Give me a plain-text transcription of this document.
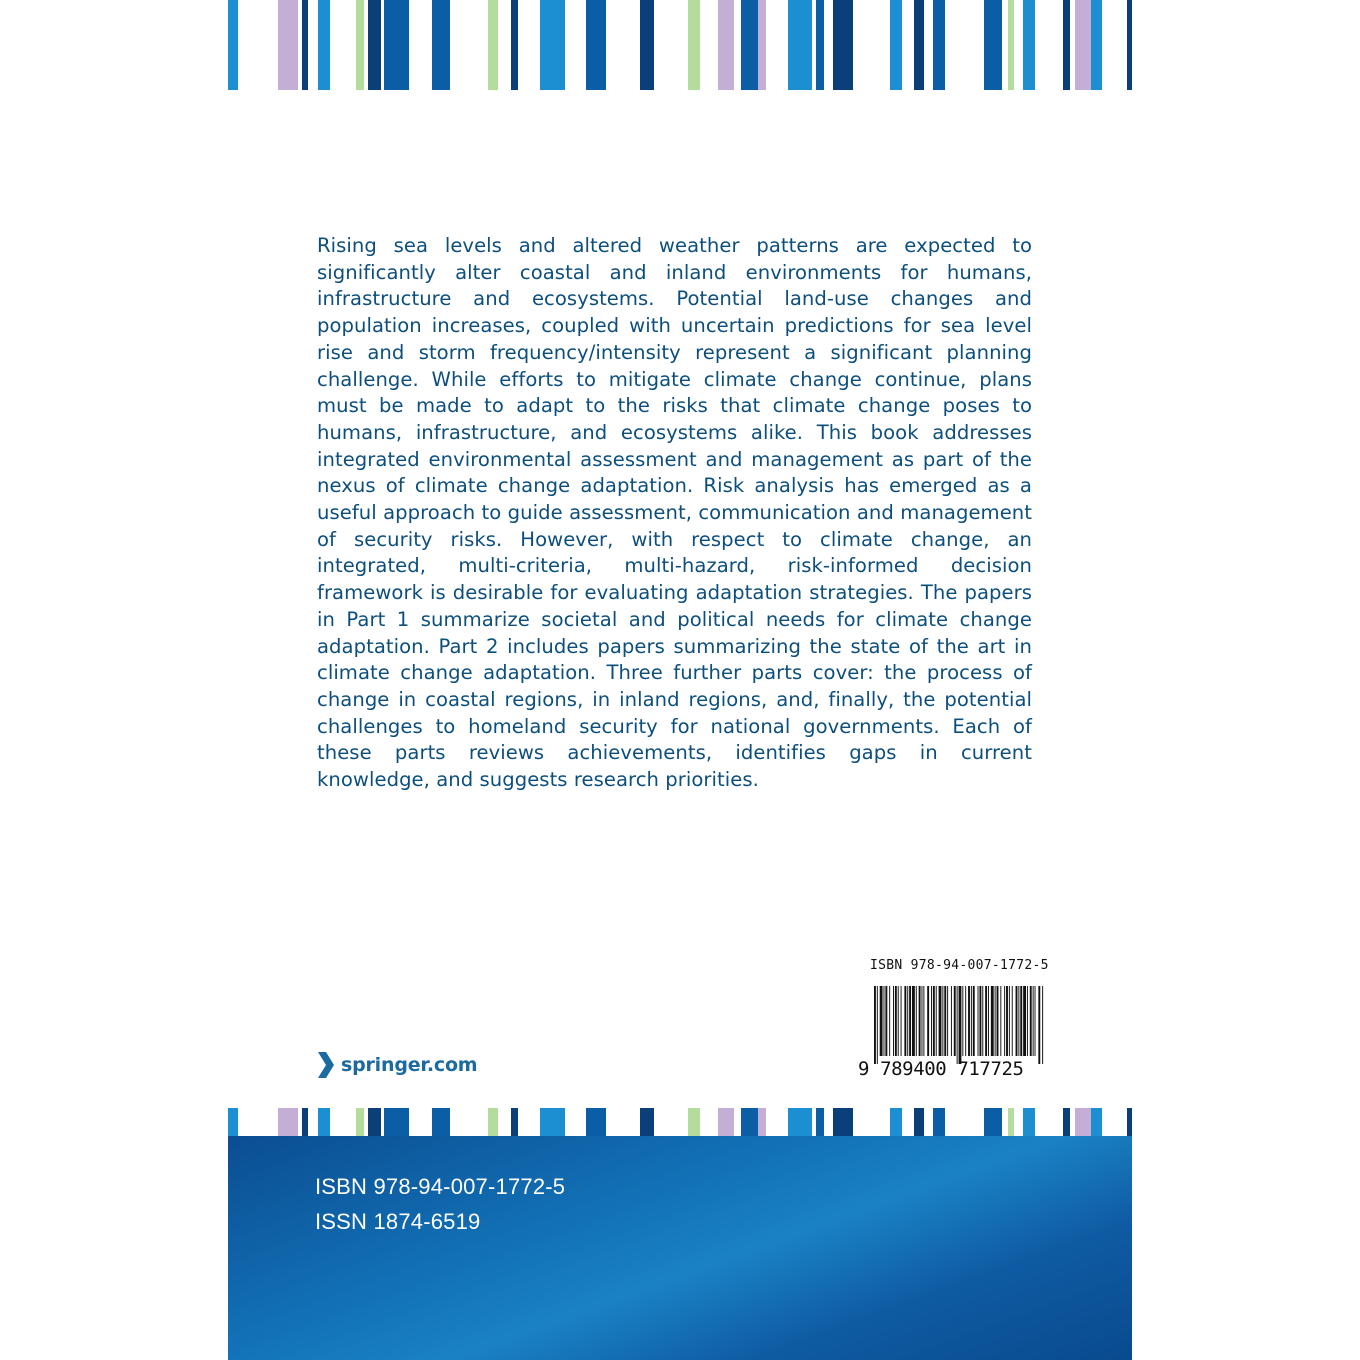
Rising sea levels and altered weather patterns are expected to significantly alter coastal and inland environments for humans, infrastructure and ecosystems. Potential land-use changes and population increases, coupled with uncertain predictions for sea level rise and storm frequency/intensity represent a significant planning challenge. While efforts to mitigate climate change continue, plans must be made to adapt to the risks that climate change poses to humans, infrastructure, and ecosystems alike. This book addresses integrated environmental assessment and management as part of the nexus of climate change adaptation. Risk analysis has emerged as a useful approach to guide assessment, communication and management of security risks. However, with respect to climate change, an integrated, multi-criteria, multi-hazard, risk-informed decision framework is desirable for evaluating adaptation strategies. The papers in Part 1 summarize societal and political needs for climate change adaptation. Part 2 includes papers summarizing the state of the art in climate change adaptation. Three further parts cover: the process of change in coastal regions, in inland regions, and, finally, the potential challenges to homeland security for national governments. Each of these parts reviews achievements, identifies gaps in current knowledge, and suggests research priorities.

ISBN 978-94-007-1772-5
9 789400 717725
springer.com
ISBN 978-94-007-1772-5
ISSN 1874-6519
